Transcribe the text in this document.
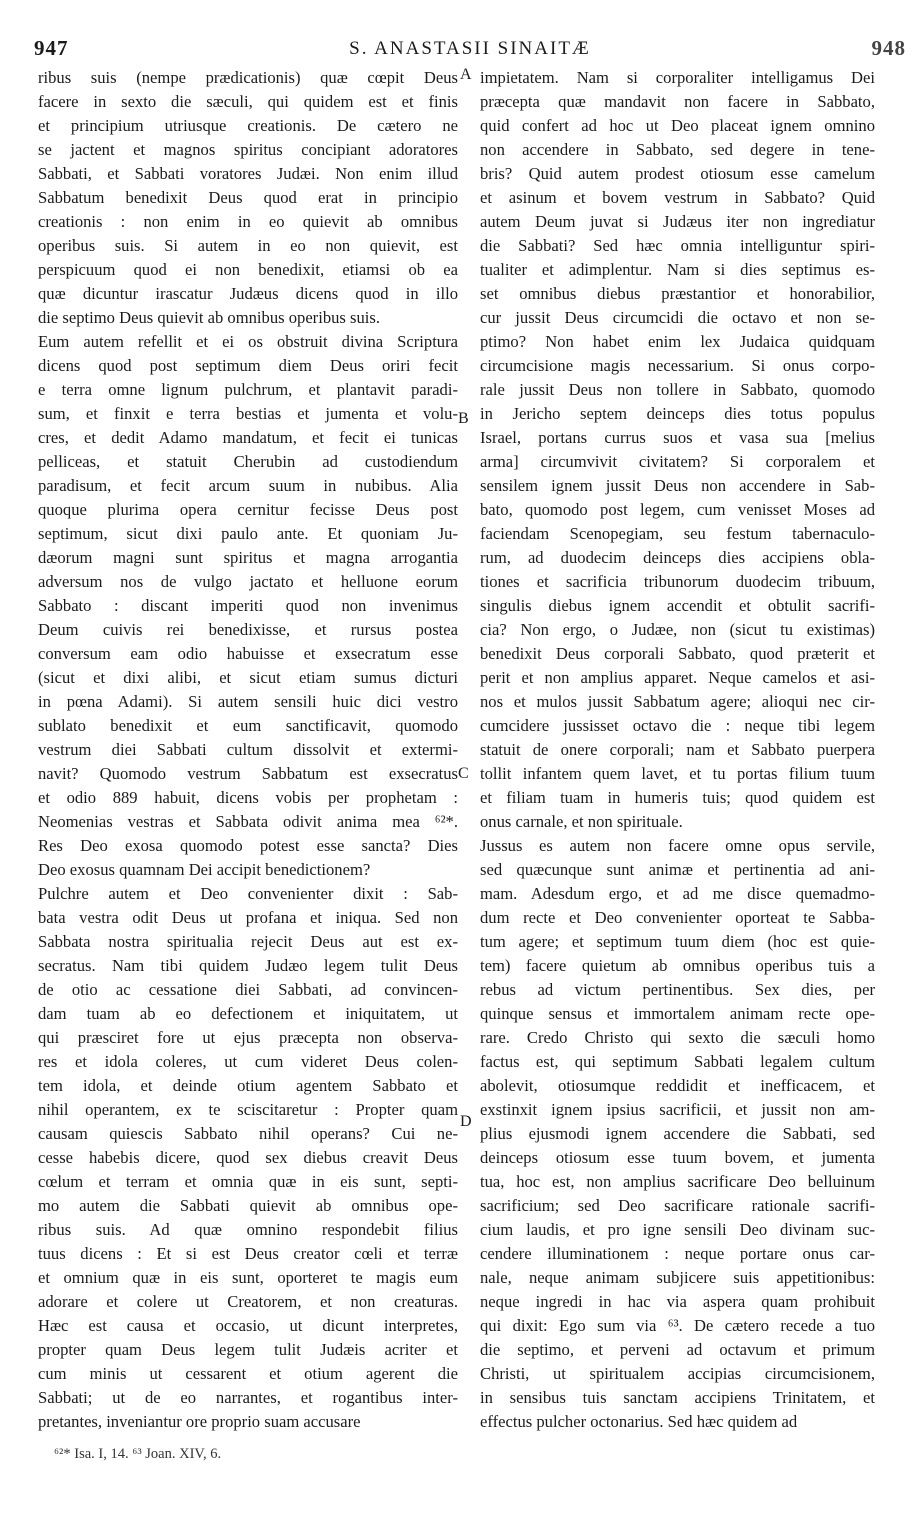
947	S. ANASTASII SINAITÆ	948
ribus suis (nempe prædicationis) quæ cœpit Deus
facere in sexto die sæculi, qui quidem est et finis
et principium utriusque creationis. De cætero ne
se jactent et magnos spiritus concipiant adoratores
Sabbati, et Sabbati voratores Judæi. Non enim illud
Sabbatum benedixit Deus quod erat in principio
creationis : non enim in eo quievit ab omnibus
operibus suis. Si autem in eo non quievit, est
perspicuum quod ei non benedixit, etiamsi ob ea
quæ dicuntur irascatur Judæus dicens quod in illo
die septimo Deus quievit ab omnibus operibus suis.
Eum autem refellit et ei os obstruit divina Scriptura
dicens quod post septimum diem Deus oriri fecit
e terra omne lignum pulchrum, et plantavit paradi-
sum, et finxit e terra bestias et jumenta et volu-
cres, et dedit Adamo mandatum, et fecit ei tunicas
pelliceas, et statuit Cherubin ad custodiendum
paradisum, et fecit arcum suum in nubibus. Alia
quoque plurima opera cernitur fecisse Deus post
septimum, sicut dixi paulo ante. Et quoniam Ju-
dæorum magni sunt spiritus et magna arrogantia
adversum nos de vulgo jactato et helluone eorum
Sabbato : discant imperiti quod non invenimus
Deum cuivis rei benedixisse, et rursus postea
conversum eam odio habuisse et exsecratum esse
(sicut et dixi alibi, et sicut etiam sumus dicturi
in pœna Adami). Si autem sensili huic dici vestro
sublato benedixit et eum sanctificavit, quomodo
vestrum diei Sabbati cultum dissolvit et extermi-
navit? Quomodo vestrum Sabbatum est exsecratus
et odio 889 habuit, dicens vobis per prophetam :
Neomenias vestras et Sabbata odivit anima mea ⁶²*.
Res Deo exosa quomodo potest esse sancta? Dies
Deo exosus quamnam Dei accipit benedictionem?
Pulchre autem et Deo convenienter dixit : Sab-
bata vestra odit Deus ut profana et iniqua. Sed non
Sabbata nostra spiritualia rejecit Deus aut est ex-
secratus. Nam tibi quidem Judæo legem tulit Deus
de otio ac cessatione diei Sabbati, ad convincen-
dam tuam ab eo defectionem et iniquitatem, ut
qui præsciret fore ut ejus præcepta non observa-
res et idola coleres, ut cum videret Deus colen-
tem idola, et deinde otium agentem Sabbato et
nihil operantem, ex te sciscitaretur : Propter quam
causam quiescis Sabbato nihil operans? Cui ne-
cesse habebis dicere, quod sex diebus creavit Deus
cœlum et terram et omnia quæ in eis sunt, septi-
mo autem die Sabbati quievit ab omnibus ope-
ribus suis. Ad quæ omnino respondebit filius
tuus dicens : Et si est Deus creator cœli et terræ
et omnium quæ in eis sunt, oporteret te magis eum
adorare et colere ut Creatorem, et non creaturas.
Hæc est causa et occasio, ut dicunt interpretes,
propter quam Deus legem tulit Judæis acriter et
cum minis ut cessarent et otium agerent die
Sabbati; ut de eo narrantes, et rogantibus inter-
pretantes, inveniantur ore proprio suam accusare
impietatem. Nam si corporaliter intelligamus Dei
præcepta quæ mandavit non facere in Sabbato,
quid confert ad hoc ut Deo placeat ignem omnino
non accendere in Sabbato, sed degere in tene-
bris? Quid autem prodest otiosum esse camelum
et asinum et bovem vestrum in Sabbato? Quid
autem Deum juvat si Judæus iter non ingrediatur
die Sabbati? Sed hæc omnia intelliguntur spiri-
tualiter et adimplentur. Nam si dies septimus es-
set omnibus diebus præstantior et honorabilior,
cur jussit Deus circumcidi die octavo et non se-
ptimo? Non habet enim lex Judaica quidquam
circumcisione magis necessarium. Si onus corpo-
rale jussit Deus non tollere in Sabbato, quomodo
in Jericho septem deinceps dies totus populus
Israel, portans currus suos et vasa sua [melius
arma] circumvivit civitatem? Si corporalem et
sensilem ignem jussit Deus non accendere in Sab-
bato, quomodo post legem, cum venisset Moses ad
faciendam Scenopegiam, seu festum tabernaculo-
rum, ad duodecim deinceps dies accipiens obla-
tiones et sacrificia tribunorum duodecim tribuum,
singulis diebus ignem accendit et obtulit sacrifi-
cia? Non ergo, o Judæe, non (sicut tu existimas)
benedixit Deus corporali Sabbato, quod præterit et
perit et non amplius apparet. Neque camelos et asi-
nos et mulos jussit Sabbatum agere; alioqui nec cir-
cumcidere jussisset octavo die : neque tibi legem
statuit de onere corporali; nam et Sabbato puerpera
tollit infantem quem lavet, et tu portas filium tuum
et filiam tuam in humeris tuis; quod quidem est
onus carnale, et non spirituale.
Jussus es autem non facere omne opus servile,
sed quæcunque sunt animæ et pertinentia ad ani-
mam. Adesdum ergo, et ad me disce quemadmo-
dum recte et Deo convenienter oporteat te Sabba-
tum agere; et septimum tuum diem (hoc est quie-
tem) facere quietum ab omnibus operibus tuis a
rebus ad victum pertinentibus. Sex dies, per
quinque sensus et immortalem animam recte ope-
rare. Credo Christo qui sexto die sæculi homo
factus est, qui septimum Sabbati legalem cultum
abolevit, otiosumque reddidit et inefficacem, et
exstinxit ignem ipsius sacrificii, et jussit non am-
plius ejusmodi ignem accendere die Sabbati, sed
deinceps otiosum esse tuum bovem, et jumenta
tua, hoc est, non amplius sacrificare Deo belluinum
sacrificium; sed Deo sacrificare rationale sacrifi-
cium laudis, et pro igne sensili Deo divinam suc-
cendere illuminationem : neque portare onus car-
nale, neque animam subjicere suis appetitionibus:
neque ingredi in hac via aspera quam prohibuit
qui dixit: Ego sum via ⁶³. De cætero recede a tuo
die septimo, et perveni ad octavum et primum
Christi, ut spiritualem accipias circumcisionem,
in sensibus tuis sanctam accipiens Trinitatem, et
effectus pulcher octonarius. Sed hæc quidem ad
A
B
C
D
⁶²* Isa. I, 14. ⁶³ Joan. XIV, 6.
